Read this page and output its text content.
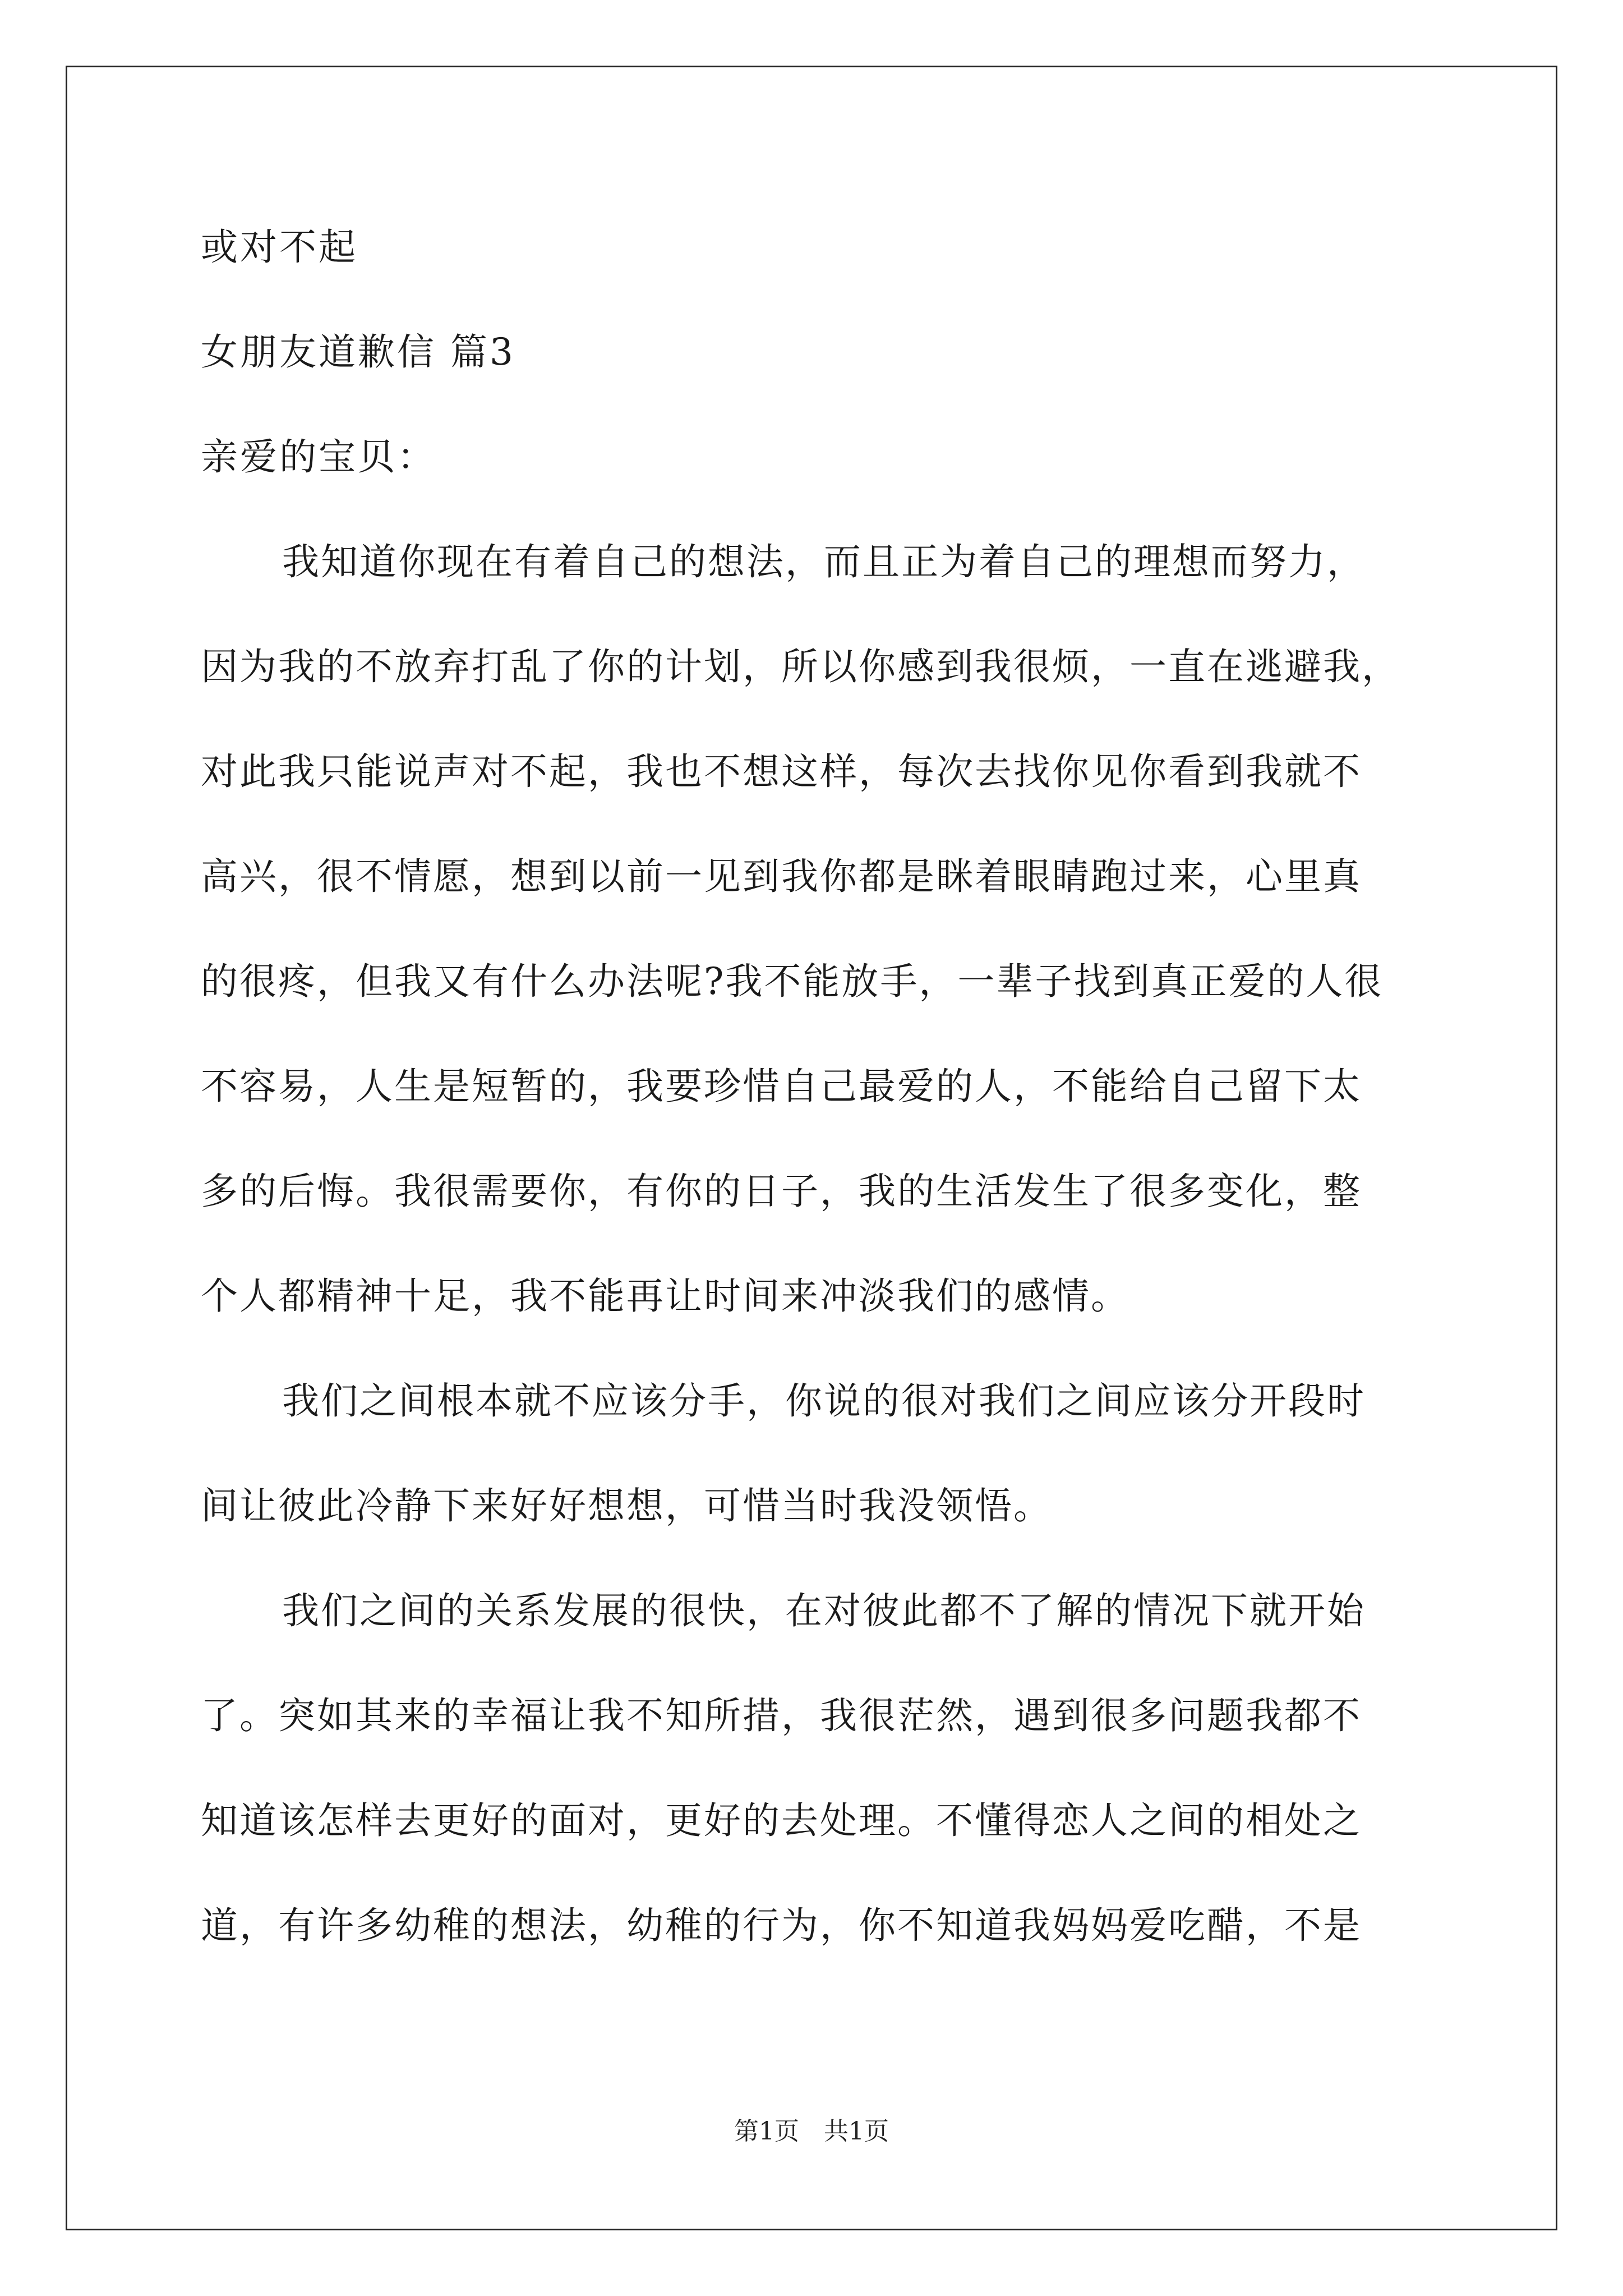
或对不起

女朋友道歉信 篇3

亲爱的宝贝：

我知道你现在有着自己的想法，而且正为着自己的理想而努力，
因为我的不放弃打乱了你的计划，所以你感到我很烦，一直在逃避我，
对此我只能说声对不起，我也不想这样，每次去找你见你看到我就不
高兴，很不情愿，想到以前一见到我你都是眯着眼睛跑过来，心里真
的很疼，但我又有什么办法呢?我不能放手，一辈子找到真正爱的人很
不容易，人生是短暂的，我要珍惜自己最爱的人，不能给自己留下太
多的后悔。我很需要你，有你的日子，我的生活发生了很多变化，整
个人都精神十足，我不能再让时间来冲淡我们的感情。
我们之间根本就不应该分手，你说的很对我们之间应该分开段时
间让彼此冷静下来好好想想，可惜当时我没领悟。
我们之间的关系发展的很快，在对彼此都不了解的情况下就开始
了。突如其来的幸福让我不知所措，我很茫然，遇到很多问题我都不
知道该怎样去更好的面对，更好的去处理。不懂得恋人之间的相处之
道，有许多幼稚的想法，幼稚的行为，你不知道我妈妈爱吃醋，不是
第1页　共1页
